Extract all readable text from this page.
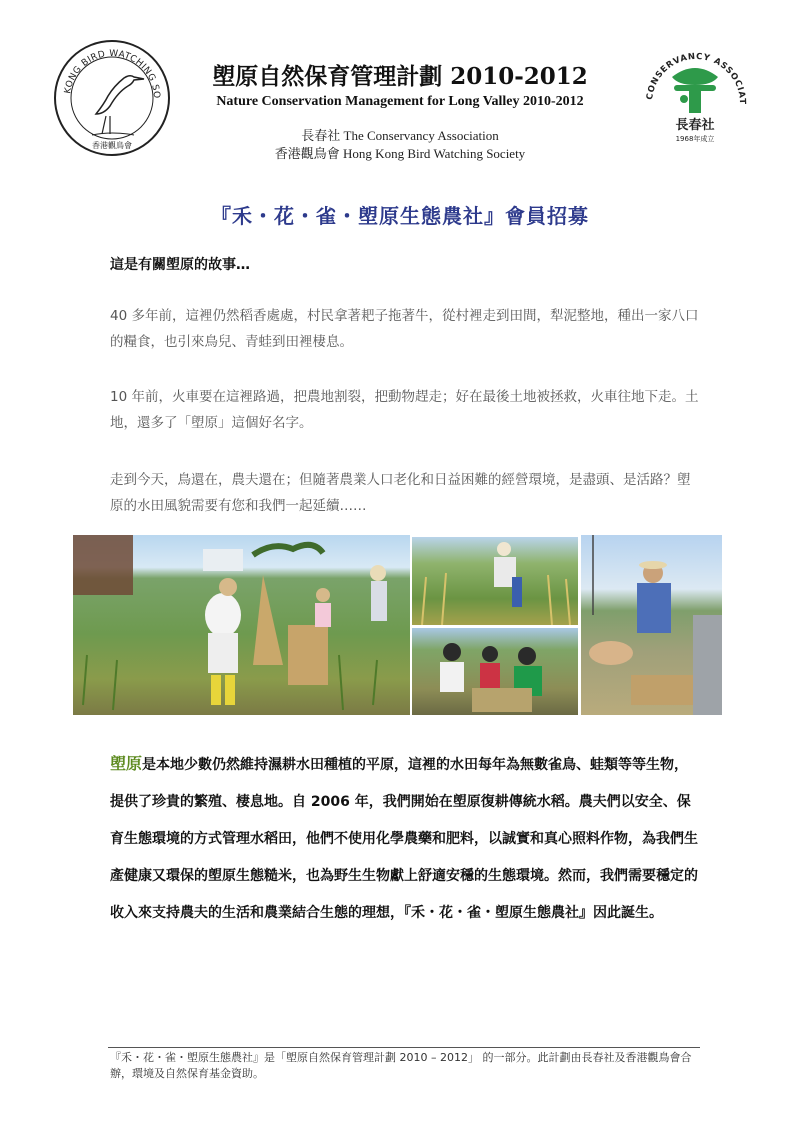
KONG BIRD WATCHING SO
香港觀鳥會
CONSERVANCY ASSOCIAT
長春社
1968年成立
塱原自然保育管理計劃 2010-2012
Nature Conservation Management for Long Valley 2010-2012
長春社 The Conservancy Association
香港觀鳥會 Hong Kong Bird Watching Society
『禾・花・雀・塱原生態農社』會員招募
這是有關塱原的故事…
40 多年前，這裡仍然稻香處處，村民拿著耙子拖著牛，從村裡走到田間，犁泥整地，種出一家八口的糧食，也引來鳥兒、青蛙到田裡棲息。
10 年前，火車要在這裡路過，把農地割裂，把動物趕走；好在最後土地被拯救，火車往地下走。土地，還多了「塱原」這個好名字。
走到今天，鳥還在，農夫還在；但隨著農業人口老化和日益困難的經營環境，是盡頭、是活路？塱原的水田風貌需要有您和我們一起延續……
塱原是本地少數仍然維持濕耕水田種植的平原，這裡的水田每年為無數雀鳥、蛙類等等生物，提供了珍貴的繁殖、棲息地。自 2006 年，我們開始在塱原復耕傳統水稻。農夫們以安全、保育生態環境的方式管理水稻田，他們不使用化學農藥和肥料，以誠實和真心照料作物，為我們生產健康又環保的塱原生態糙米，也為野生生物獻上舒適安穩的生態環境。然而，我們需要穩定的收入來支持農夫的生活和農業結合生態的理想，『禾・花・雀・塱原生態農社』因此誕生。
『禾・花・雀・塱原生態農社』是「塱原自然保育管理計劃 2010 – 2012」 的一部分。此計劃由長春社及香港觀鳥會合辦，環境及自然保育基金資助。
